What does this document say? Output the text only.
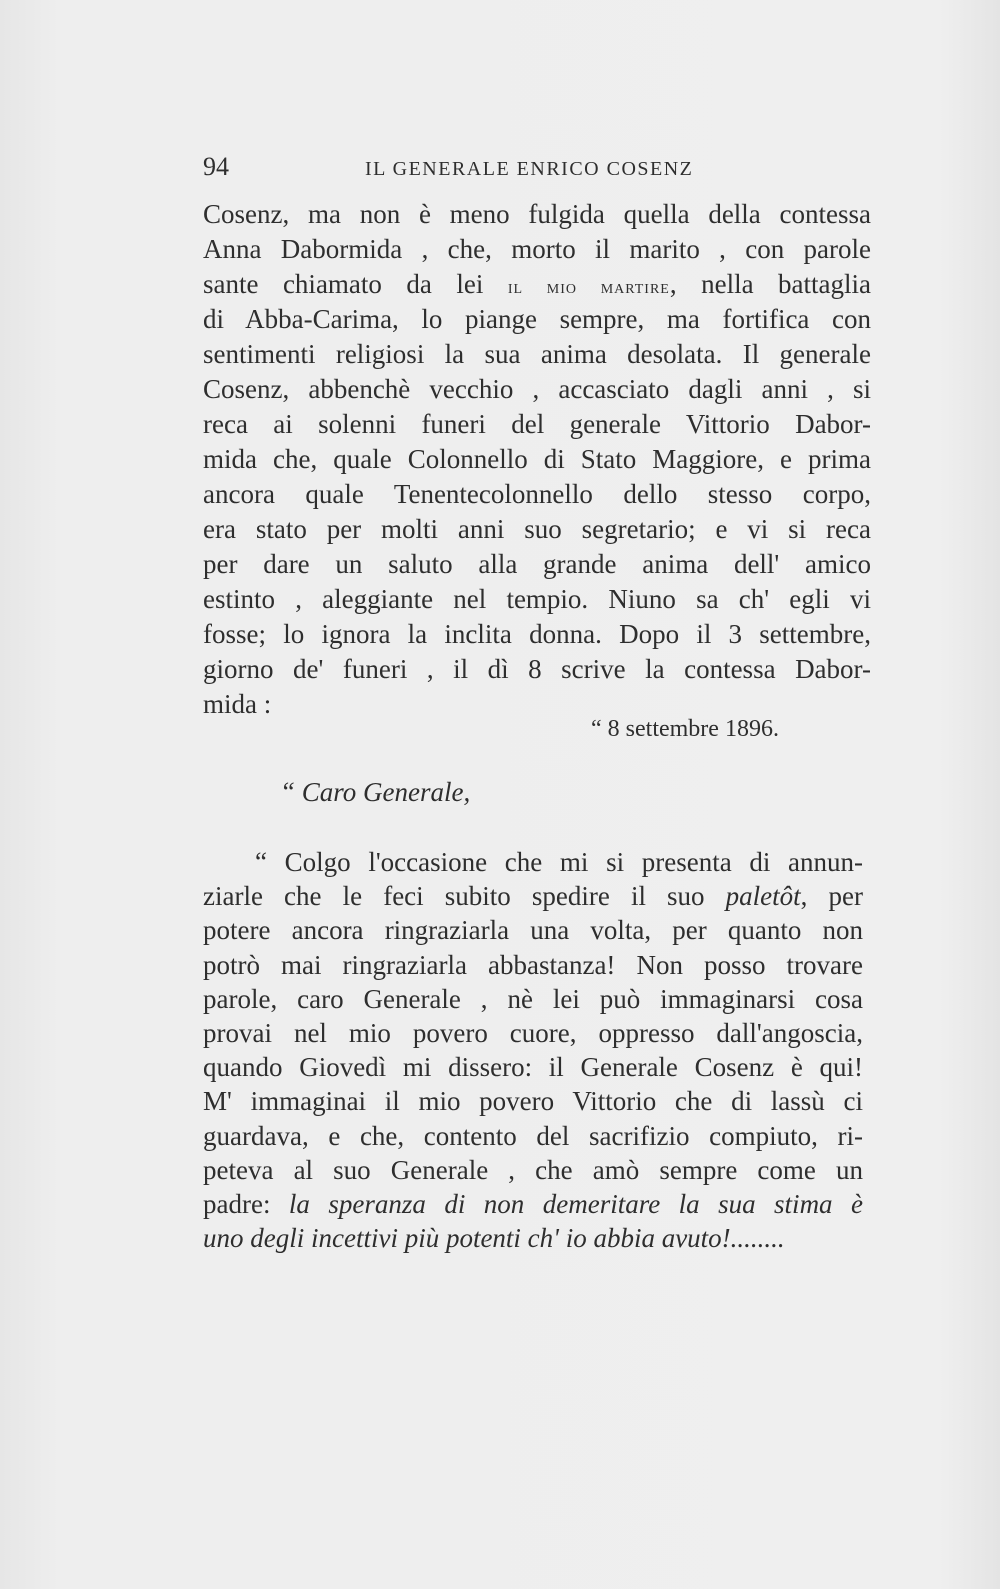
94	IL GENERALE ENRICO COSENZ
Cosenz, ma non è meno fulgida quella della contessa
Anna Dabormida , che, morto il marito , con parole
sante chiamato da lei il mio martire, nella battaglia
di Abba-Carima, lo piange sempre, ma fortifica con
sentimenti religiosi la sua anima desolata. Il generale
Cosenz, abbenchè vecchio , accasciato dagli anni , si
reca ai solenni funeri del generale Vittorio Dabor-
mida che, quale Colonnello di Stato Maggiore, e prima
ancora quale Tenentecolonnello dello stesso corpo,
era stato per molti anni suo segretario; e vi si reca
per dare un saluto alla grande anima dell' amico
estinto , aleggiante nel tempio. Niuno sa ch' egli vi
fosse; lo ignora la inclita donna. Dopo il 3 settembre,
giorno de' funeri , il dì 8 scrive la contessa Dabor-
mida :
“ 8 settembre 1896.
“ Caro Generale,
“ Colgo l'occasione che mi si presenta di annun-
ziarle che le feci subito spedire il suo paletôt, per
potere ancora ringraziarla una volta, per quanto non
potrò mai ringraziarla abbastanza! Non posso trovare
parole, caro Generale , nè lei può immaginarsi cosa
provai nel mio povero cuore, oppresso dall'angoscia,
quando Giovedì mi dissero: il Generale Cosenz è qui!
M' immaginai il mio povero Vittorio che di lassù ci
guardava, e che, contento del sacrifizio compiuto, ri-
peteva al suo Generale , che amò sempre come un
padre: la speranza di non demeritare la sua stima è
uno degli incettivi più potenti ch' io abbia avuto!........
